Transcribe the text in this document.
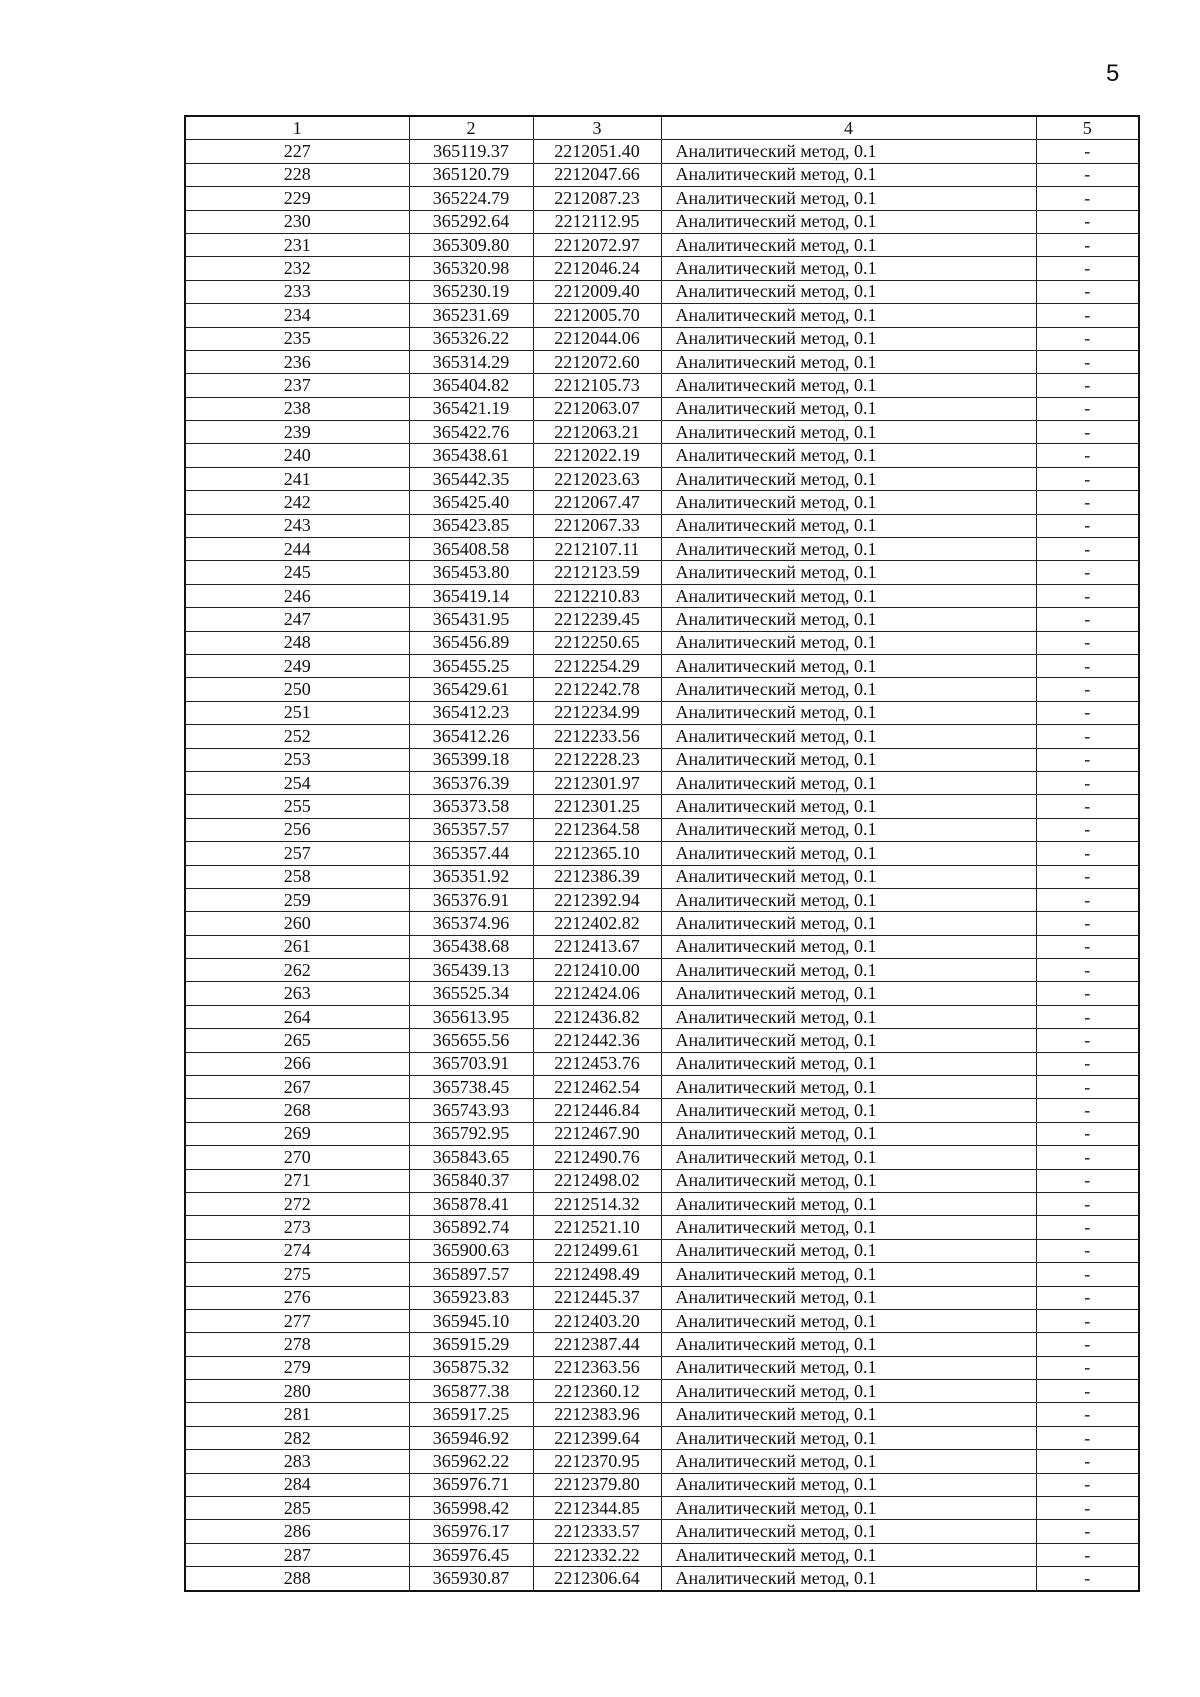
5
1	2	3	4	5
227	365119.37	2212051.40	Аналитический метод, 0.1	-
228	365120.79	2212047.66	Аналитический метод, 0.1	-
229	365224.79	2212087.23	Аналитический метод, 0.1	-
230	365292.64	2212112.95	Аналитический метод, 0.1	-
231	365309.80	2212072.97	Аналитический метод, 0.1	-
232	365320.98	2212046.24	Аналитический метод, 0.1	-
233	365230.19	2212009.40	Аналитический метод, 0.1	-
234	365231.69	2212005.70	Аналитический метод, 0.1	-
235	365326.22	2212044.06	Аналитический метод, 0.1	-
236	365314.29	2212072.60	Аналитический метод, 0.1	-
237	365404.82	2212105.73	Аналитический метод, 0.1	-
238	365421.19	2212063.07	Аналитический метод, 0.1	-
239	365422.76	2212063.21	Аналитический метод, 0.1	-
240	365438.61	2212022.19	Аналитический метод, 0.1	-
241	365442.35	2212023.63	Аналитический метод, 0.1	-
242	365425.40	2212067.47	Аналитический метод, 0.1	-
243	365423.85	2212067.33	Аналитический метод, 0.1	-
244	365408.58	2212107.11	Аналитический метод, 0.1	-
245	365453.80	2212123.59	Аналитический метод, 0.1	-
246	365419.14	2212210.83	Аналитический метод, 0.1	-
247	365431.95	2212239.45	Аналитический метод, 0.1	-
248	365456.89	2212250.65	Аналитический метод, 0.1	-
249	365455.25	2212254.29	Аналитический метод, 0.1	-
250	365429.61	2212242.78	Аналитический метод, 0.1	-
251	365412.23	2212234.99	Аналитический метод, 0.1	-
252	365412.26	2212233.56	Аналитический метод, 0.1	-
253	365399.18	2212228.23	Аналитический метод, 0.1	-
254	365376.39	2212301.97	Аналитический метод, 0.1	-
255	365373.58	2212301.25	Аналитический метод, 0.1	-
256	365357.57	2212364.58	Аналитический метод, 0.1	-
257	365357.44	2212365.10	Аналитический метод, 0.1	-
258	365351.92	2212386.39	Аналитический метод, 0.1	-
259	365376.91	2212392.94	Аналитический метод, 0.1	-
260	365374.96	2212402.82	Аналитический метод, 0.1	-
261	365438.68	2212413.67	Аналитический метод, 0.1	-
262	365439.13	2212410.00	Аналитический метод, 0.1	-
263	365525.34	2212424.06	Аналитический метод, 0.1	-
264	365613.95	2212436.82	Аналитический метод, 0.1	-
265	365655.56	2212442.36	Аналитический метод, 0.1	-
266	365703.91	2212453.76	Аналитический метод, 0.1	-
267	365738.45	2212462.54	Аналитический метод, 0.1	-
268	365743.93	2212446.84	Аналитический метод, 0.1	-
269	365792.95	2212467.90	Аналитический метод, 0.1	-
270	365843.65	2212490.76	Аналитический метод, 0.1	-
271	365840.37	2212498.02	Аналитический метод, 0.1	-
272	365878.41	2212514.32	Аналитический метод, 0.1	-
273	365892.74	2212521.10	Аналитический метод, 0.1	-
274	365900.63	2212499.61	Аналитический метод, 0.1	-
275	365897.57	2212498.49	Аналитический метод, 0.1	-
276	365923.83	2212445.37	Аналитический метод, 0.1	-
277	365945.10	2212403.20	Аналитический метод, 0.1	-
278	365915.29	2212387.44	Аналитический метод, 0.1	-
279	365875.32	2212363.56	Аналитический метод, 0.1	-
280	365877.38	2212360.12	Аналитический метод, 0.1	-
281	365917.25	2212383.96	Аналитический метод, 0.1	-
282	365946.92	2212399.64	Аналитический метод, 0.1	-
283	365962.22	2212370.95	Аналитический метод, 0.1	-
284	365976.71	2212379.80	Аналитический метод, 0.1	-
285	365998.42	2212344.85	Аналитический метод, 0.1	-
286	365976.17	2212333.57	Аналитический метод, 0.1	-
287	365976.45	2212332.22	Аналитический метод, 0.1	-
288	365930.87	2212306.64	Аналитический метод, 0.1	-
